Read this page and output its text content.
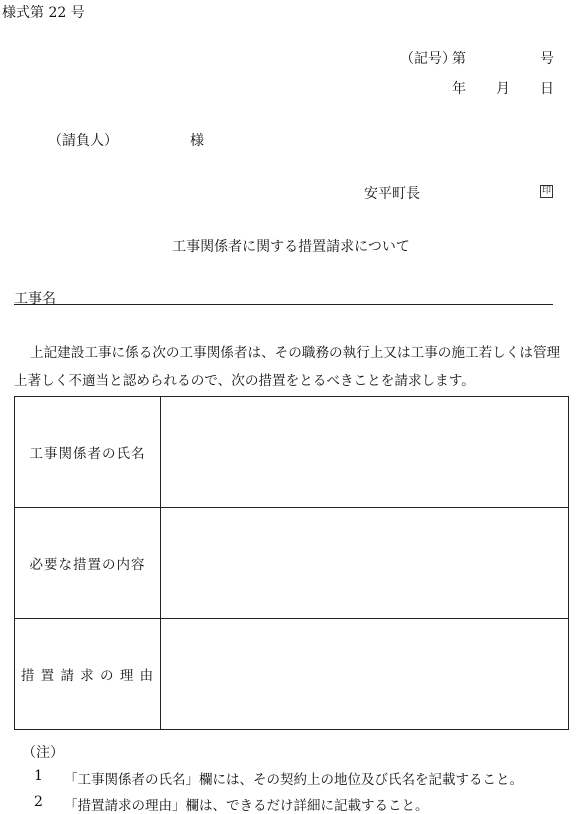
様式第 22 号
（記号）
第	号
年 月 日
（請負人）	様
安平町長	印
工事関係者に関する措置請求について
工事名
上記建設工事に係る次の工事関係者は、その職務の執行上又は工事の施工若しくは管理上著しく不適当と認められるので、次の措置をとるべきことを請求します。
工事関係者の氏名	
必要な措置の内容	
措 置 請 求 の 理 由	
（注）
1 「工事関係者の氏名」欄には、その契約上の地位及び氏名を記載すること。
2 「措置請求の理由」欄は、できるだけ詳細に記載すること。
